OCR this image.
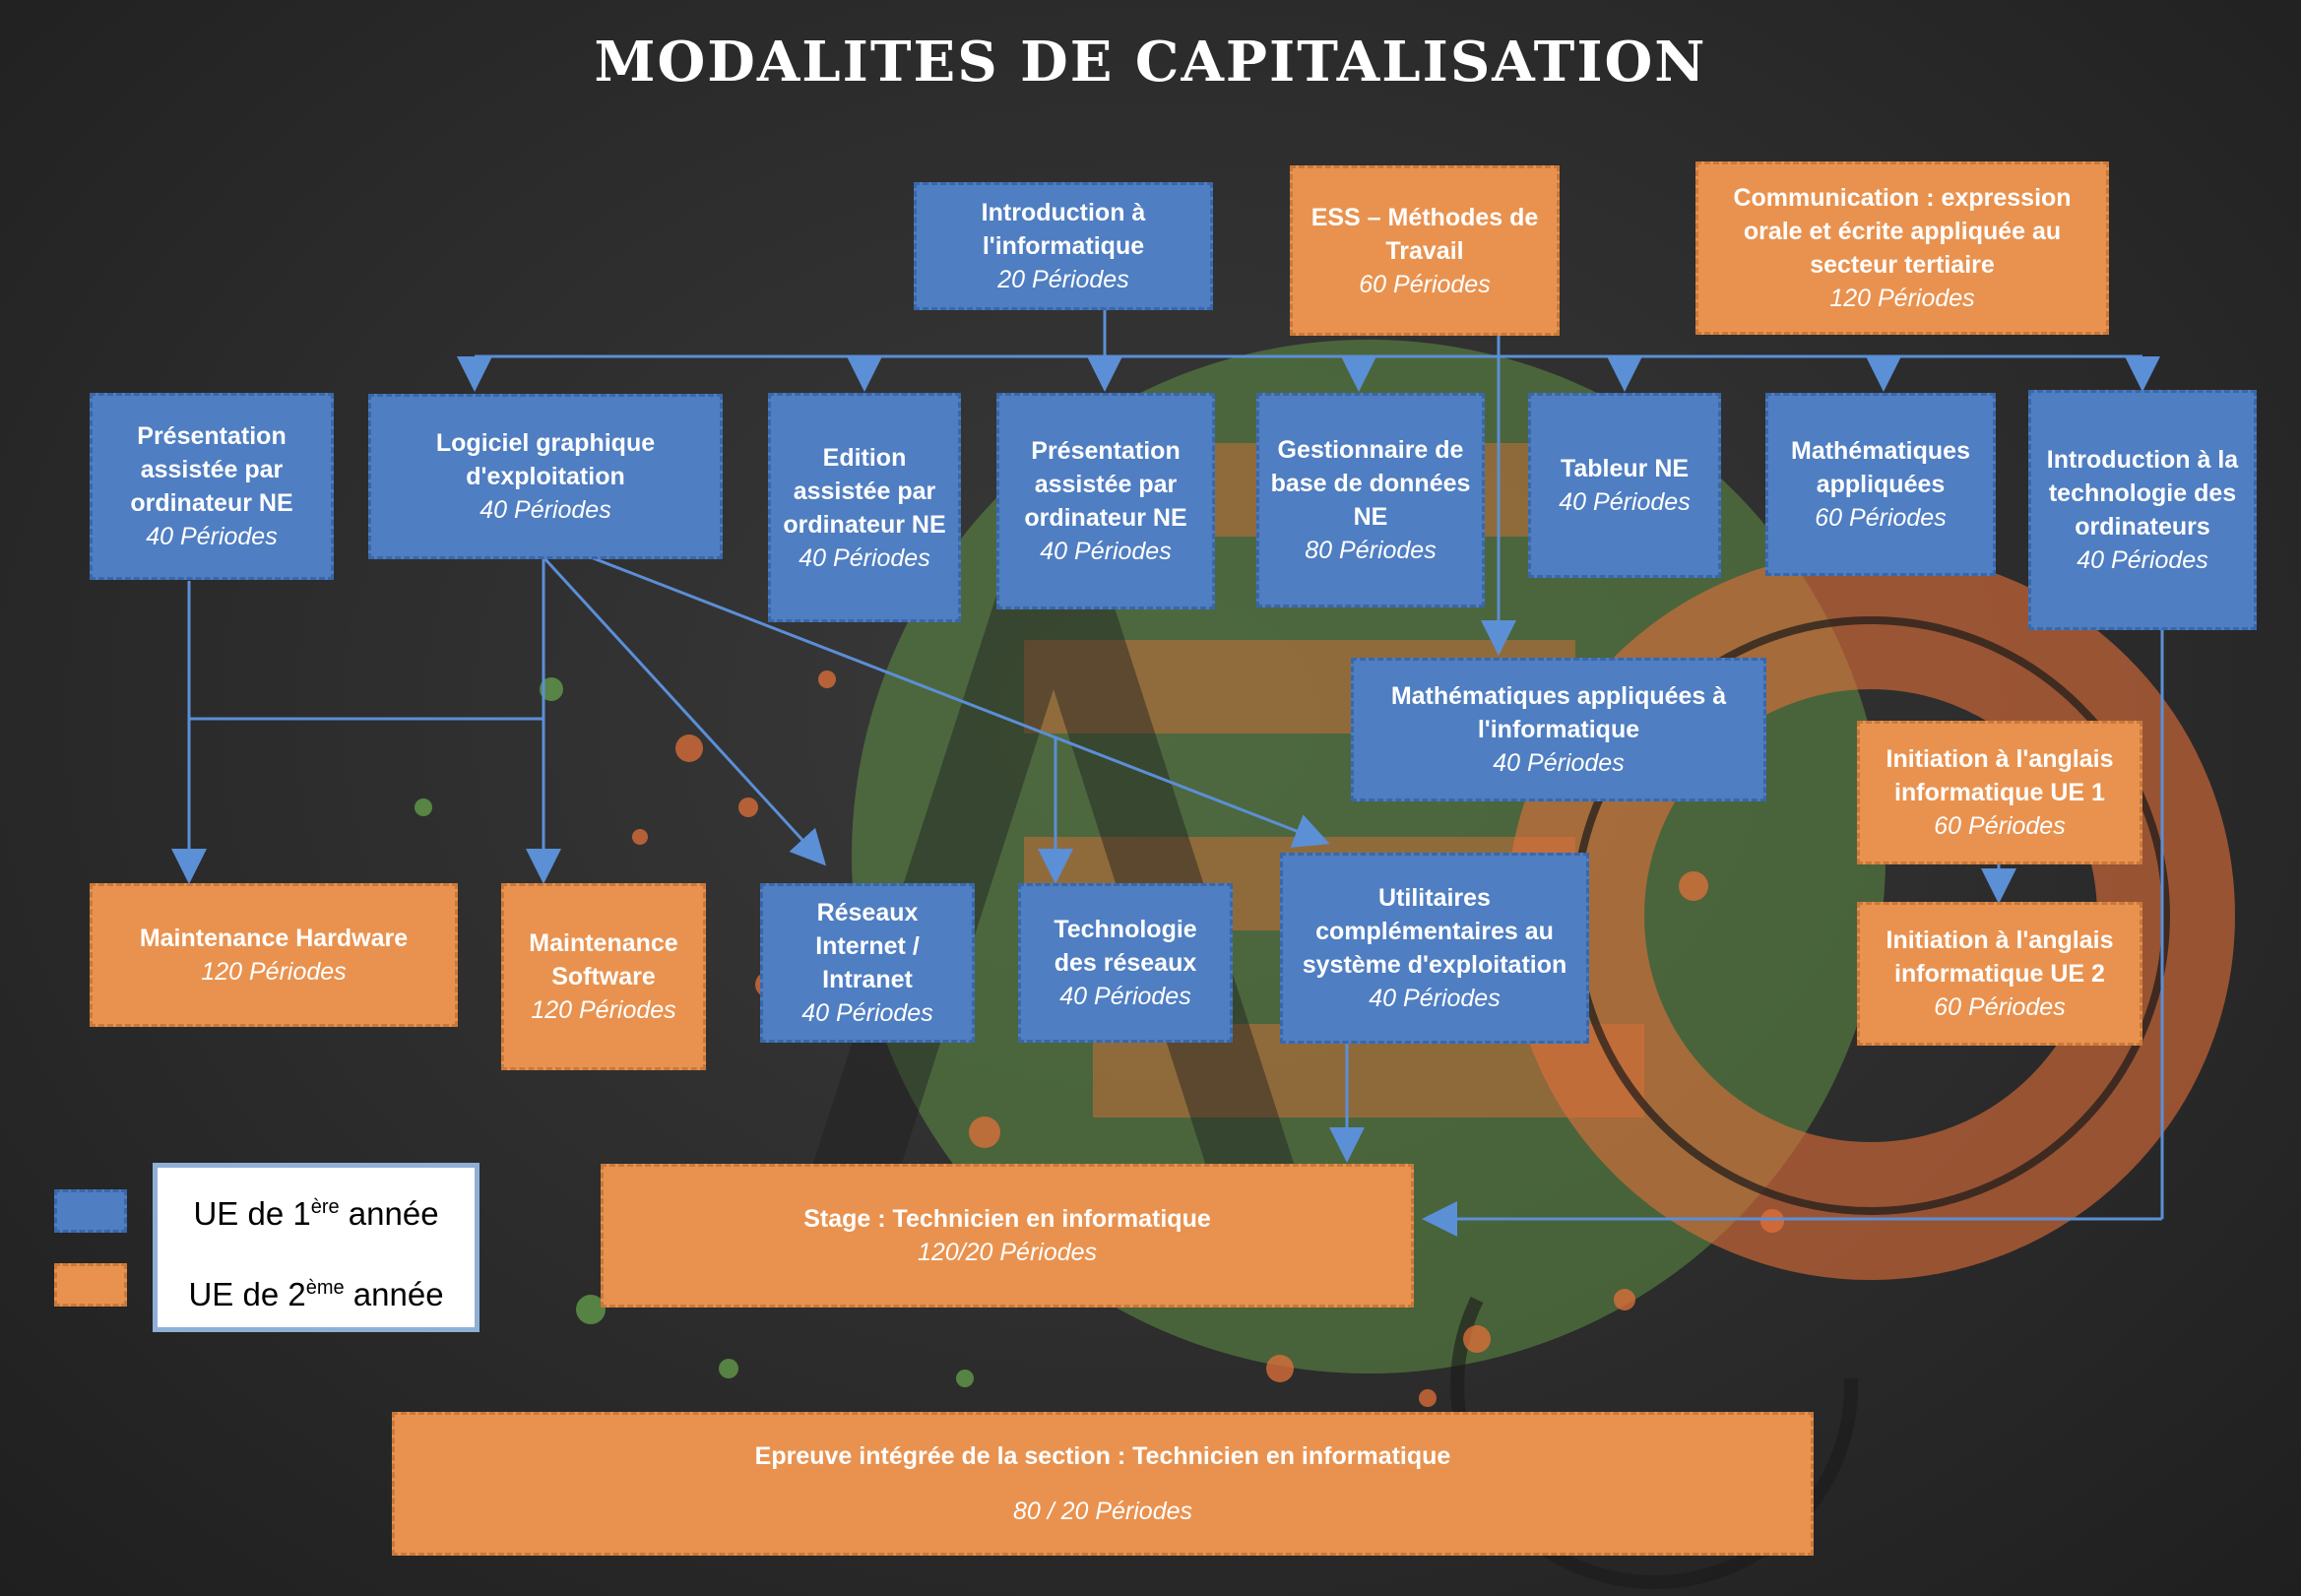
MODALITES DE CAPITALISATION
Introduction à l'informatique
20 Périodes
ESS – Méthodes de Travail
60 Périodes
Communication : expression orale et écrite appliquée au secteur tertiaire
120 Périodes
Présentation assistée par ordinateur NE
40 Périodes
Logiciel graphique d'exploitation
40 Périodes
Edition assistée par ordinateur NE
40 Périodes
Présentation assistée par ordinateur NE
40 Périodes
Gestionnaire de base de données NE
80 Périodes
Tableur NE
40 Périodes
Mathématiques appliquées
60 Périodes
Introduction à la technologie des ordinateurs
40 Périodes
Mathématiques appliquées à l'informatique
40 Périodes	Initiation à l'anglais informatique UE 1
60 Périodes
Initiation à l'anglais informatique UE 2
60 Périodes
Maintenance Hardware
120 Périodes
Maintenance Software
120 Périodes
Réseaux Internet / Intranet
40 Périodes
Technologie des réseaux
40 Périodes
Utilitaires complémentaires au système d'exploitation
40 Périodes
Stage : Technicien en informatique
120/20 Périodes
Epreuve intégrée de la section : Technicien en informatique
80 / 20 Périodes
UE de 1ère année
UE de 2ème année
